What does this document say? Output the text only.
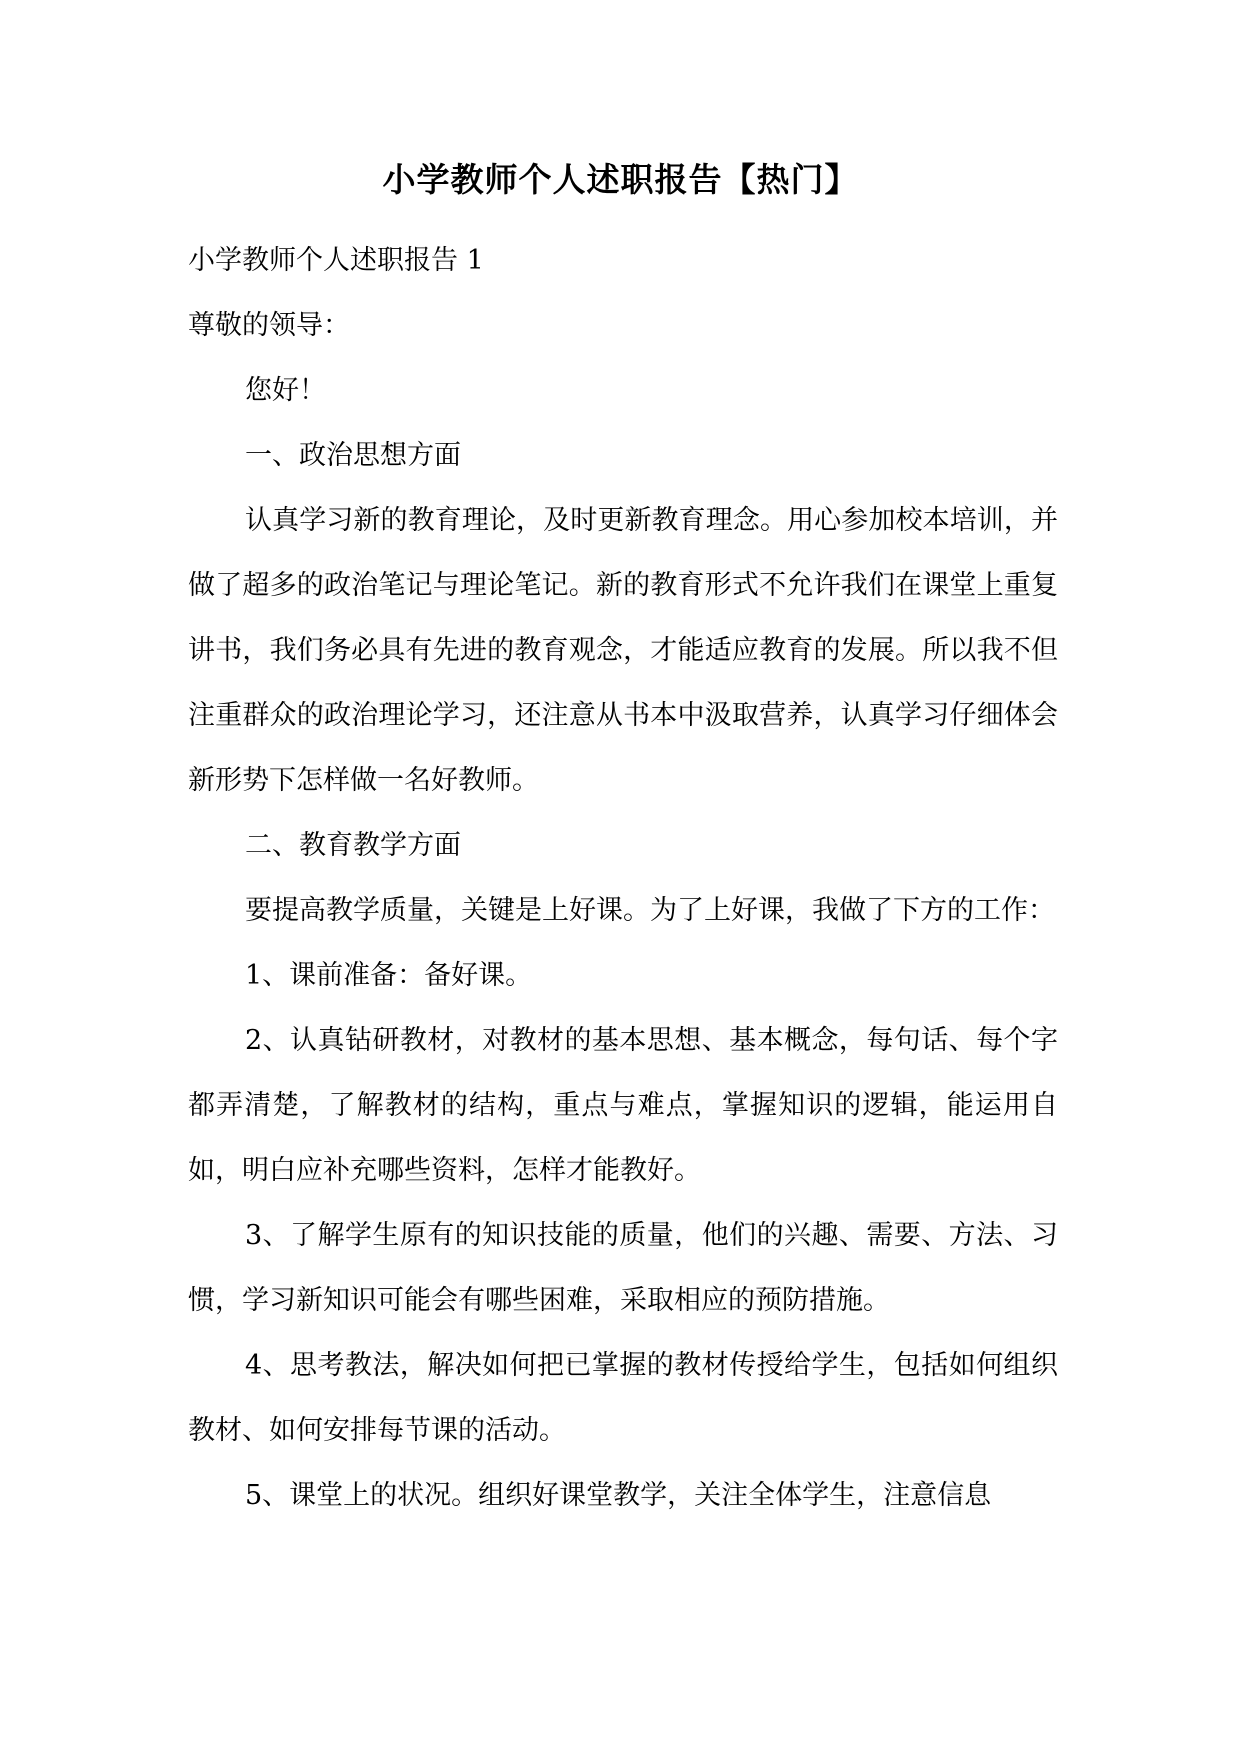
小学教师个人述职报告【热门】

小学教师个人述职报告 1

尊敬的领导：

您好！

一、政治思想方面

认真学习新的教育理论，及时更新教育理念。用心参加校本培训，并做了超多的政治笔记与理论笔记。新的教育形式不允许我们在课堂上重复讲书，我们务必具有先进的教育观念，才能适应教育的发展。所以我不但注重群众的政治理论学习，还注意从书本中汲取营养，认真学习仔细体会新形势下怎样做一名好教师。

二、教育教学方面

要提高教学质量，关键是上好课。为了上好课，我做了下方的工作：

1、课前准备：备好课。

2、认真钻研教材，对教材的基本思想、基本概念，每句话、每个字都弄清楚，了解教材的结构，重点与难点，掌握知识的逻辑，能运用自如，明白应补充哪些资料，怎样才能教好。

3、了解学生原有的知识技能的质量，他们的兴趣、需要、方法、习惯，学习新知识可能会有哪些困难，采取相应的预防措施。

4、思考教法，解决如何把已掌握的教材传授给学生，包括如何组织教材、如何安排每节课的活动。

5、课堂上的状况。组织好课堂教学，关注全体学生，注意信息
